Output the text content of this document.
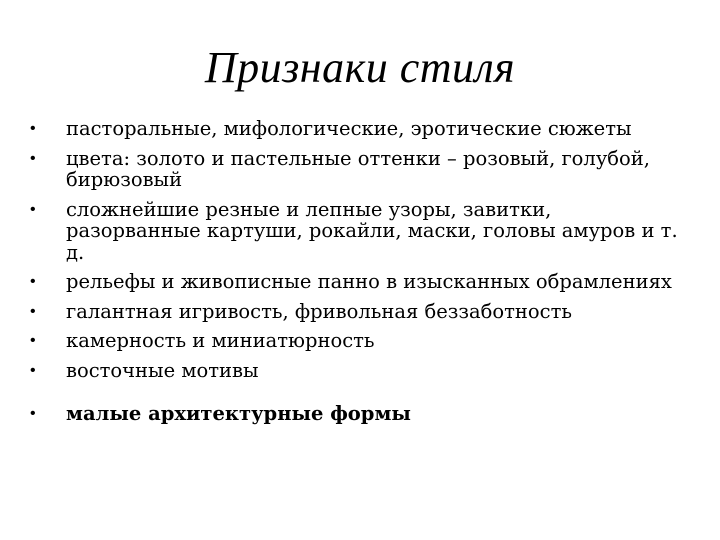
Признаки стиля
•	пасторальные, мифологические, эротические сюжеты
•	цвета: золото и пастельные оттенки – розовый, голубой, бирюзовый
•	сложнейшие резные и лепные узоры, завитки, разорванные картуши, рокайли, маски, головы амуров и т. д.
•	рельефы и живописные панно в изысканных обрамлениях
•	галантная игривость, фривольная беззаботность
•	камерность и миниатюрность
•	восточные мотивы
•	малые архитектурные формы
